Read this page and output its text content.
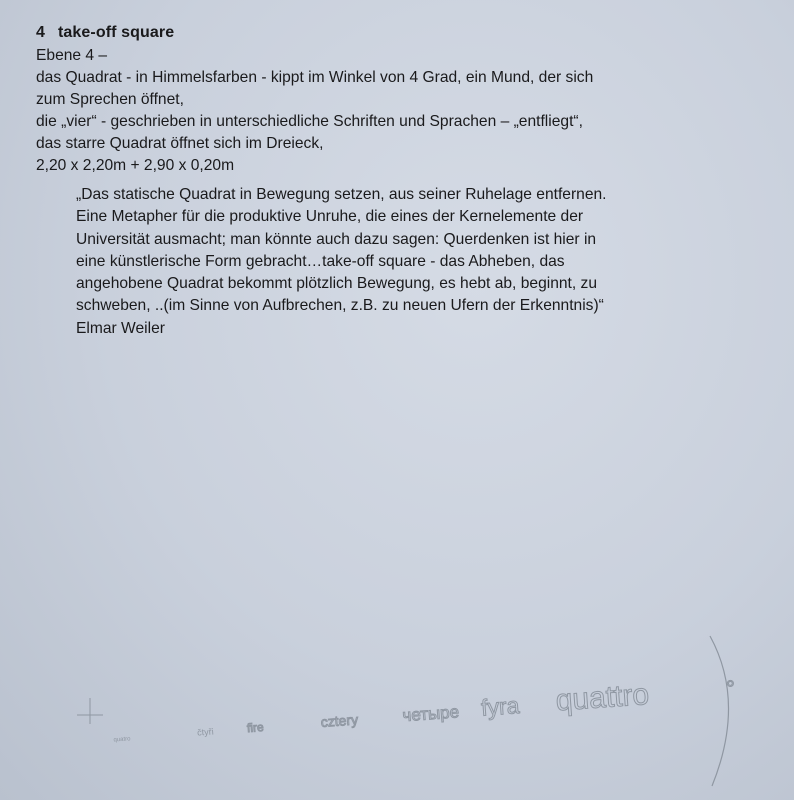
4 take-off square
Ebene 4 –
das Quadrat - in Himmelsfarben - kippt im Winkel von 4 Grad, ein Mund, der sich
zum Sprechen öffnet,
die „vier“ - geschrieben in unterschiedliche Schriften und Sprachen – „entfliegt“,
das starre Quadrat öffnet sich im Dreieck,
2,20 x 2,20m + 2,90 x 0,20m
„Das statische Quadrat in Bewegung setzen, aus seiner Ruhelage entfernen.
Eine Metapher für die produktive Unruhe, die eines der Kernelemente der
Universität ausmacht; man könnte auch dazu sagen: Querdenken ist hier in
eine künstlerische Form gebracht…take-off square - das Abheben, das
angehobene Quadrat bekommt plötzlich Bewegung, es hebt ab, beginnt, zu
schweben, ..(im Sinne von Aufbrechen, z.B. zu neuen Ufern der Erkenntnis)“
Elmar Weiler
quatro
čtyři	fire	cztery	четыре fyra quattro	°
